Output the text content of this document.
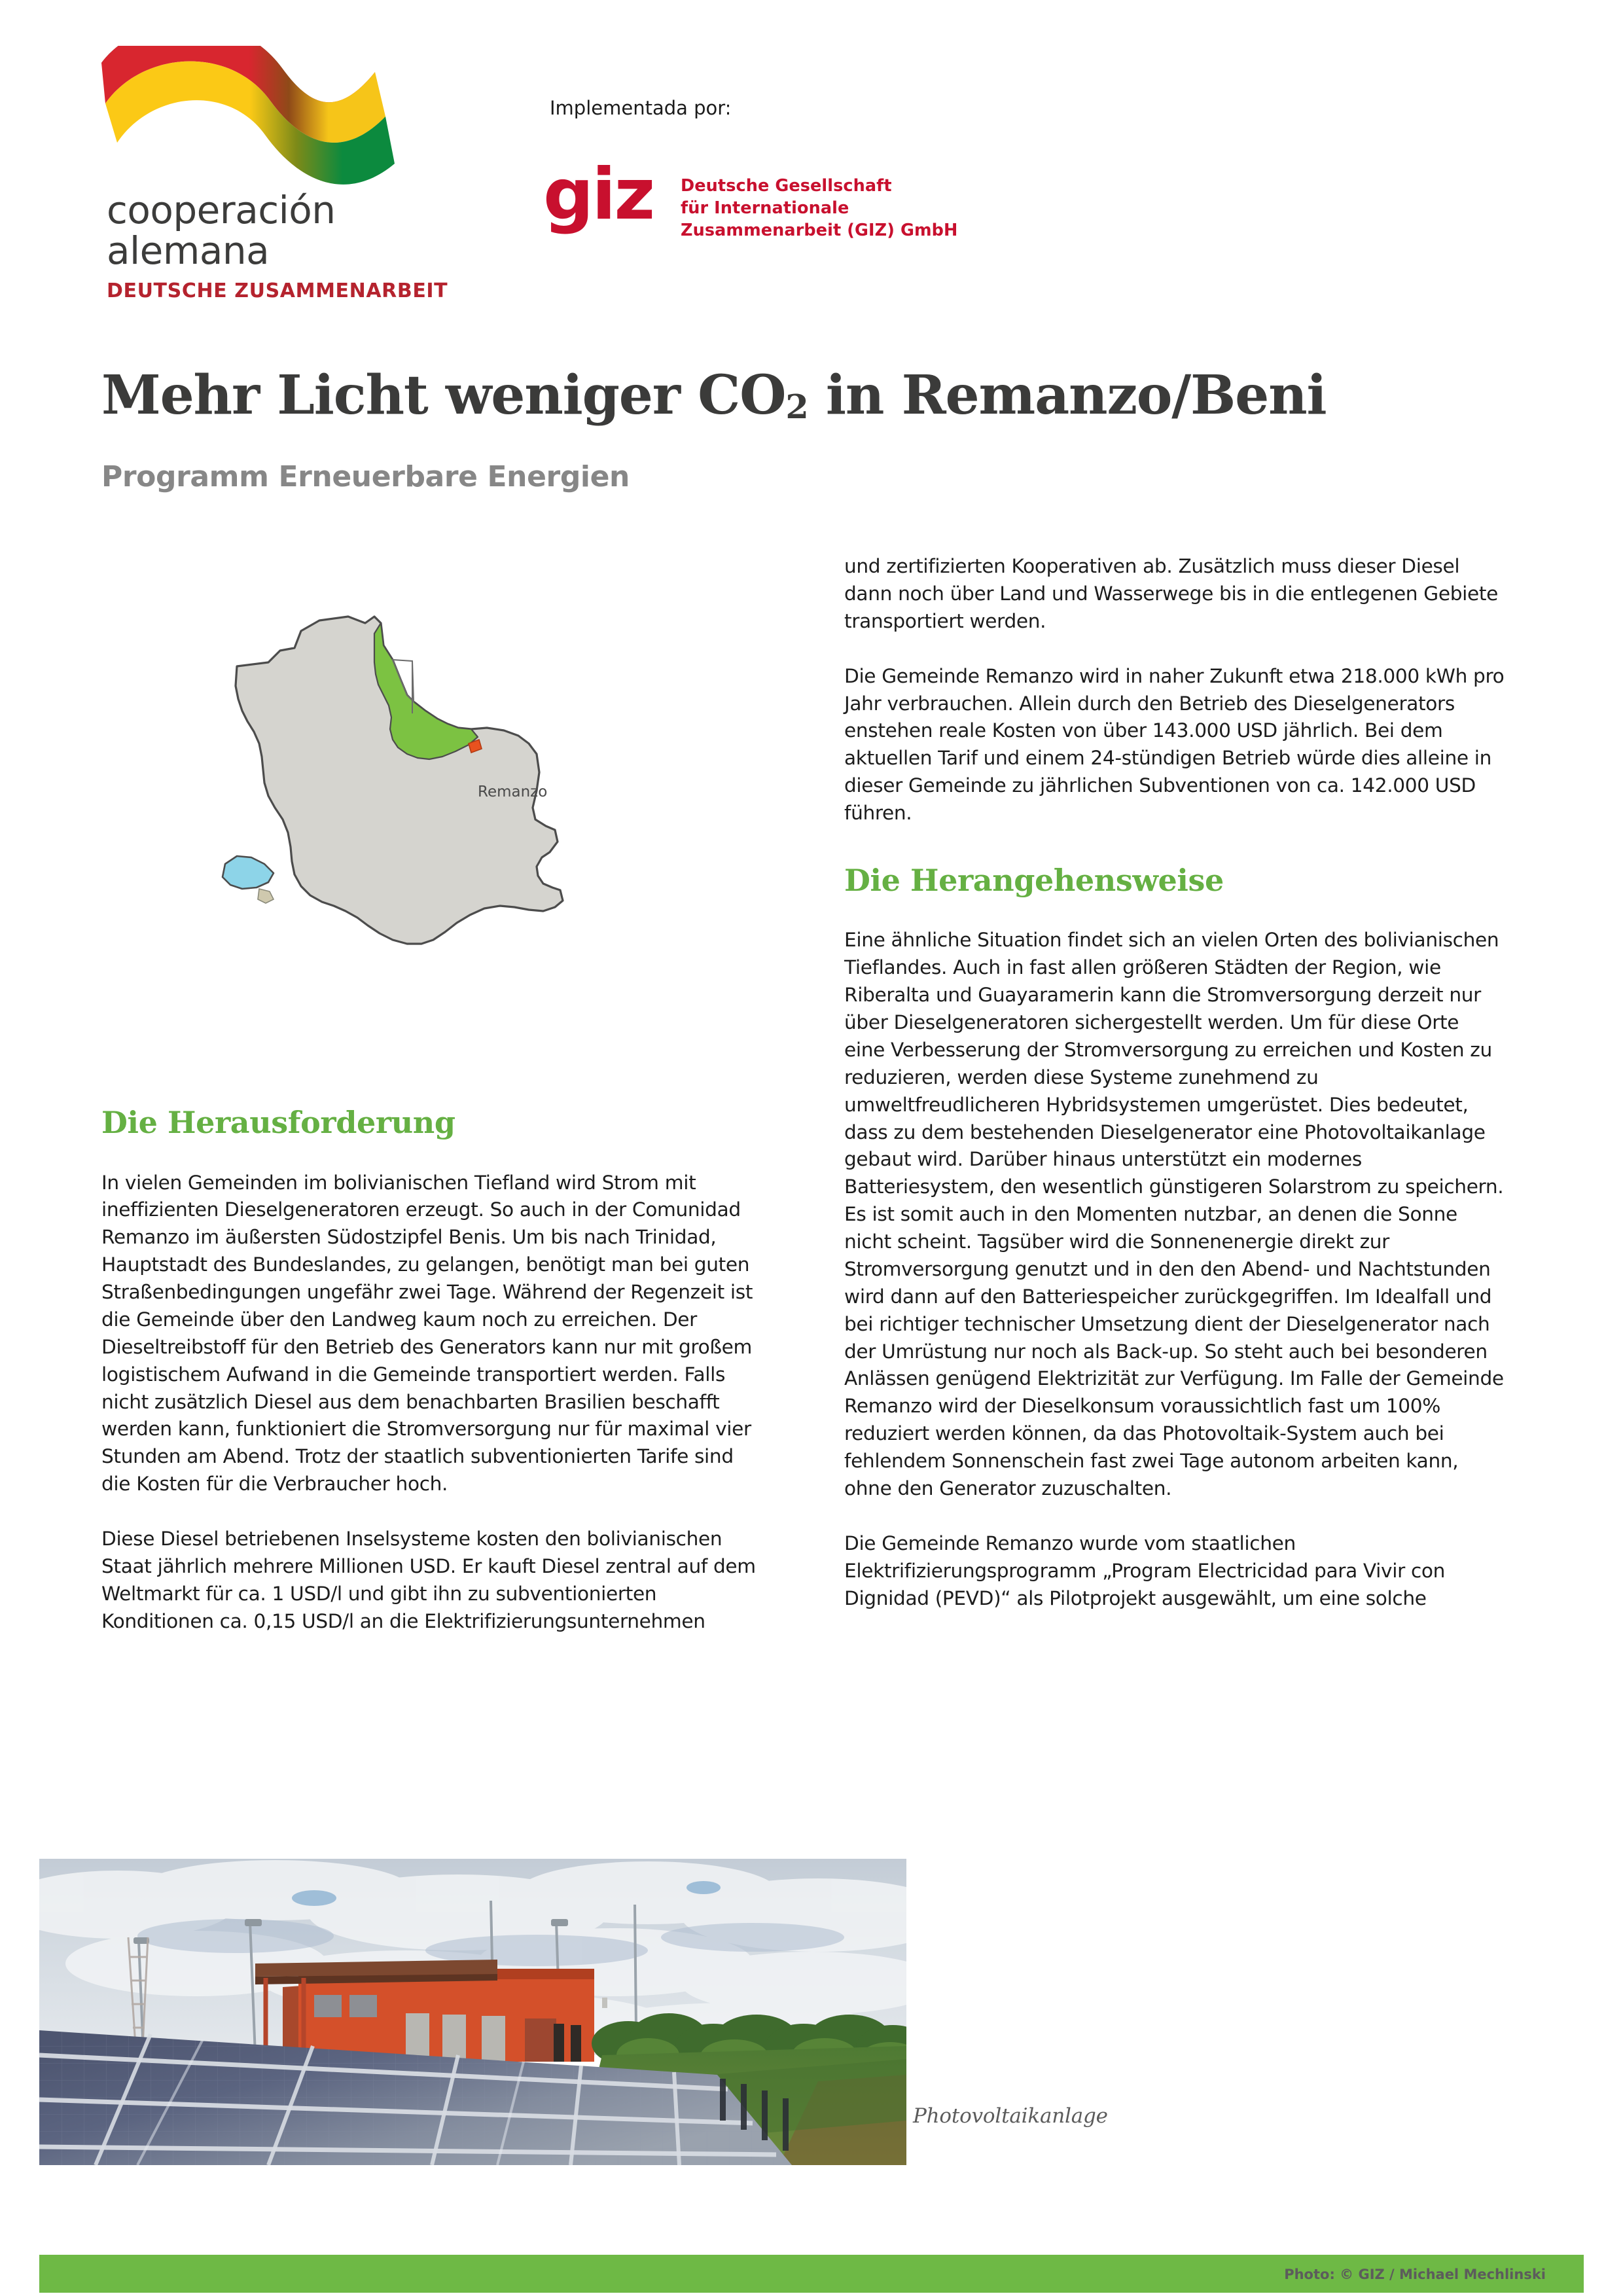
cooperación
alemana
DEUTSCHE ZUSAMMENARBEIT
Implementada por:
giz Deutsche Gesellschaft
für Internationale
Zusammenarbeit (GIZ) GmbH
Mehr Licht weniger $CO_2$ in Remanzo/Beni
Programm Erneuerbare Energien
Remanzo
Die Herausforderung

In vielen Gemeinden im bolivianischen Tiefland wird Strom mit ineffizienten Dieselgeneratoren erzeugt. So auch in der Comunidad Remanzo im äußersten Südostzipfel Benis. Um bis nach Trinidad, Hauptstadt des Bundeslandes, zu gelangen, benötigt man bei guten Straßenbedingungen ungefähr zwei Tage. Während der Regenzeit ist die Gemeinde über den Landweg kaum noch zu erreichen. Der Dieseltreibstoff für den Betrieb des Generators kann nur mit großem logistischem Aufwand in die Gemeinde transportiert werden. Falls nicht zusätzlich Diesel aus dem benachbarten Brasilien beschafft werden kann, funktioniert die Stromversorgung nur für maximal vier Stunden am Abend. Trotz der staatlich subventionierten Tarife sind die Kosten für die Verbraucher hoch.

Diese Diesel betriebenen Inselsysteme kosten den bolivianischen Staat jährlich mehrere Millionen USD. Er kauft Diesel zentral auf dem Weltmarkt für ca. 1 USD/l und gibt ihn zu subventionierten Konditionen ca. 0,15 USD/l an die Elektrifizierungsunternehmen

und zertifizierten Kooperativen ab. Zusätzlich muss dieser Diesel dann noch über Land und Wasserwege bis in die entlegenen Gebiete transportiert werden.

Die Gemeinde Remanzo wird in naher Zukunft etwa 218.000 kWh pro Jahr verbrauchen. Allein durch den Betrieb des Dieselgenerators enstehen reale Kosten von über 143.000 USD jährlich. Bei dem aktuellen Tarif und einem 24-stündigen Betrieb würde dies alleine in dieser Gemeinde zu jährlichen Subventionen von ca. 142.000 USD führen.

Die Herangehensweise

Eine ähnliche Situation findet sich an vielen Orten des bolivianischen Tieflandes. Auch in fast allen größeren Städten der Region, wie Riberalta und Guayaramerin kann die Stromversorgung derzeit nur über Dieselgeneratoren sichergestellt werden. Um für diese Orte eine Verbesserung der Stromversorgung zu erreichen und Kosten zu reduzieren, werden diese Systeme zunehmend zu umweltfreudlicheren Hybridsystemen umgerüstet. Dies bedeutet, dass zu dem bestehenden Dieselgenerator eine Photovoltaikanlage gebaut wird. Darüber hinaus unterstützt ein modernes Batteriesystem, den wesentlich günstigeren Solarstrom zu speichern. Es ist somit auch in den Momenten nutzbar, an denen die Sonne nicht scheint. Tagsüber wird die Sonnenenergie direkt zur Stromversorgung genutzt und in den den Abend- und Nachtstunden wird dann auf den Batteriespeicher zurückgegriffen. Im Idealfall und bei richtiger technischer Umsetzung dient der Dieselgenerator nach der Umrüstung nur noch als Back-up. So steht auch bei besonderen Anlässen genügend Elektrizität zur Verfügung. Im Falle der Gemeinde Remanzo wird der Dieselkonsum voraussichtlich fast um 100% reduziert werden können, da das Photovoltaik-System auch bei fehlendem Sonnenschein fast zwei Tage autonom arbeiten kann, ohne den Generator zuzuschalten.

Die Gemeinde Remanzo wurde vom staatlichen Elektrifizierungsprogramm „Program Electricidad para Vivir con Dignidad (PEVD)“ als Pilotprojekt ausgewählt, um eine solche

Photovoltaikanlage
Photo: © GIZ / Michael Mechlinski
